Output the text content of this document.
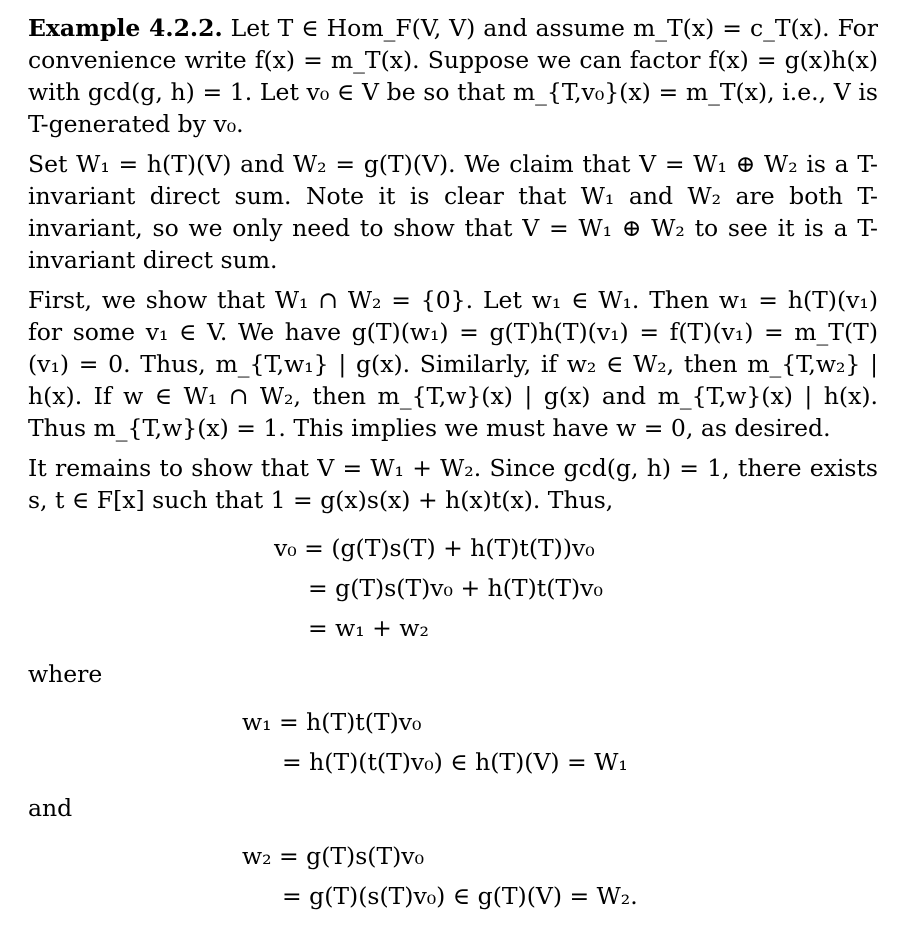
Example 4.2.2. Let T ∈ Hom_F(V, V) and assume m_T(x) = c_T(x). For convenience write f(x) = m_T(x). Suppose we can factor f(x) = g(x)h(x) with gcd(g, h) = 1. Let v₀ ∈ V be so that m_{T,v₀}(x) = m_T(x), i.e., V is T-generated by v₀.

Set W₁ = h(T)(V) and W₂ = g(T)(V). We claim that V = W₁ ⊕ W₂ is a T-invariant direct sum. Note it is clear that W₁ and W₂ are both T-invariant, so we only need to show that V = W₁ ⊕ W₂ to see it is a T-invariant direct sum.

First, we show that W₁ ∩ W₂ = {0}. Let w₁ ∈ W₁. Then w₁ = h(T)(v₁) for some v₁ ∈ V. We have g(T)(w₁) = g(T)h(T)(v₁) = f(T)(v₁) = m_T(T)(v₁) = 0. Thus, m_{T,w₁} | g(x). Similarly, if w₂ ∈ W₂, then m_{T,w₂} | h(x). If w ∈ W₁ ∩ W₂, then m_{T,w}(x) | g(x) and m_{T,w}(x) | h(x). Thus m_{T,w}(x) = 1. This implies we must have w = 0, as desired.

It remains to show that V = W₁ + W₂. Since gcd(g, h) = 1, there exists s, t ∈ F[x] such that 1 = g(x)s(x) + h(x)t(x). Thus,

v₀ = (g(T)s(T) + h(T)t(T))v₀
= g(T)s(T)v₀ + h(T)t(T)v₀
= w₁ + w₂
where
w₁ = h(T)t(T)v₀
= h(T)(t(T)v₀) ∈ h(T)(V) = W₁
and
w₂ = g(T)s(T)v₀
= g(T)(s(T)v₀) ∈ g(T)(V) = W₂.
